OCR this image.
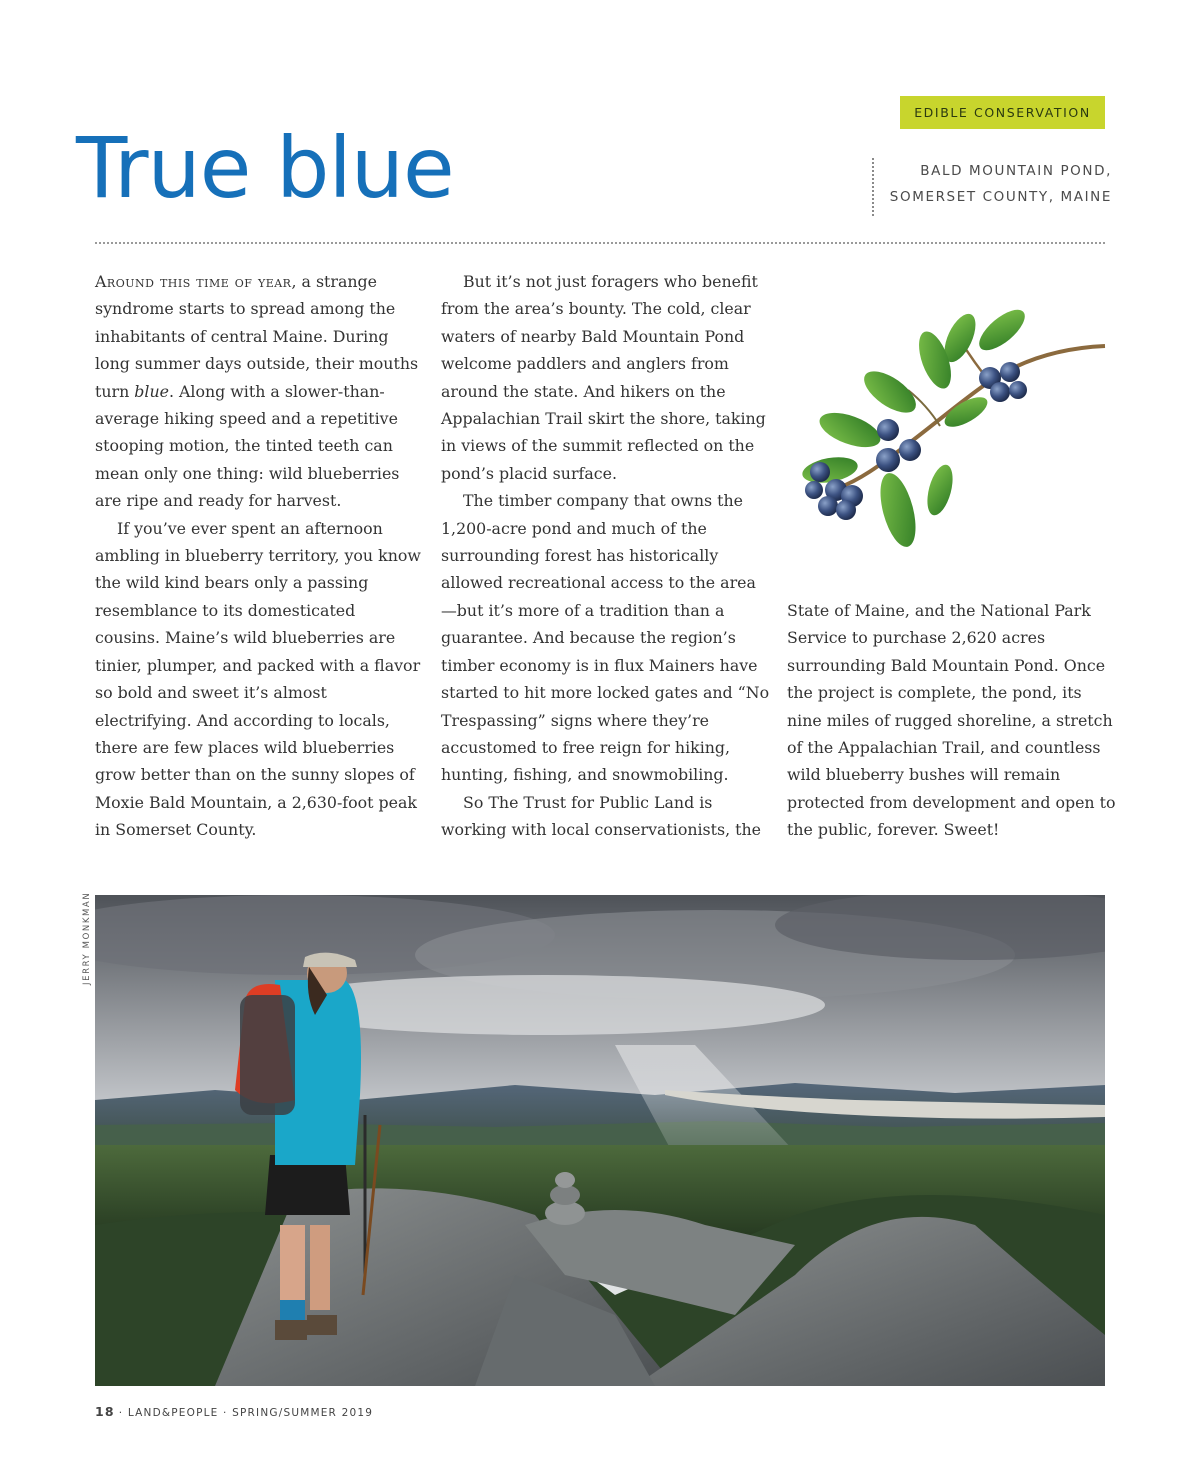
EDIBLE CONSERVATION
True blue	BALD MOUNTAIN POND,
SOMERSET COUNTY, MAINE

Around this time of year, a strange syndrome starts to spread among the inhabitants of central Maine. During long summer days outside, their mouths turn blue. Along with a slower-than-average hiking speed and a repetitive stooping motion, the tinted teeth can mean only one thing: wild blueberries are ripe and ready for harvest.

If you’ve ever spent an afternoon ambling in blueberry territory, you know the wild kind bears only a passing resemblance to its domesticated cousins. Maine’s wild blueberries are tinier, plumper, and packed with a flavor so bold and sweet it’s almost electrifying. And according to locals, there are few places wild blueberries grow better than on the sunny slopes of Moxie Bald Mountain, a 2,630-foot peak in Somerset County.

But it’s not just foragers who benefit from the area’s bounty. The cold, clear waters of nearby Bald Mountain Pond welcome paddlers and anglers from around the state. And hikers on the Appalachian Trail skirt the shore, taking in views of the summit reflected on the pond’s placid surface.

The timber company that owns the 1,200-acre pond and much of the surrounding forest has historically allowed recreational access to the area—but it’s more of a tradition than a guarantee. And because the region’s timber economy is in flux Mainers have started to hit more locked gates and “No Trespassing” signs where they’re accustomed to free reign for hiking, hunting, fishing, and snowmobiling.

So The Trust for Public Land is working with local conservationists, the

State of Maine, and the National Park Service to purchase 2,620 acres surrounding Bald Mountain Pond. Once the project is complete, the pond, its nine miles of rugged shoreline, a stretch of the Appalachian Trail, and countless wild blueberry bushes will remain protected from development and open to the public, forever. Sweet!

JERRY MONKMAN
18 · LAND&PEOPLE · SPRING/SUMMER 2019
